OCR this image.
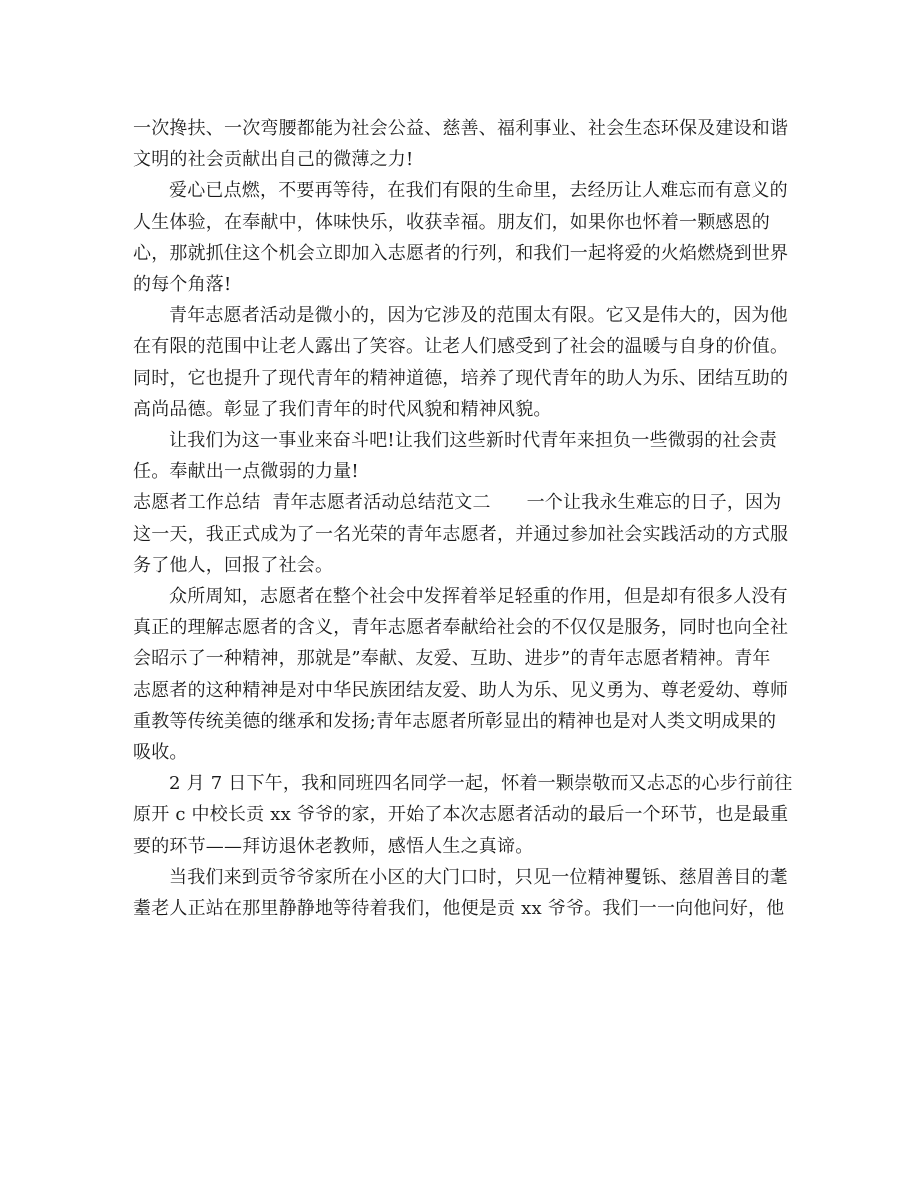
一次搀扶、一次弯腰都能为社会公益、慈善、福利事业、社会生态环保及建设和谐
文明的社会贡献出自己的微薄之力!
爱心已点燃，不要再等待，在我们有限的生命里，去经历让人难忘而有意义的
人生体验，在奉献中，体味快乐，收获幸福。朋友们，如果你也怀着一颗感恩的
心，那就抓住这个机会立即加入志愿者的行列，和我们一起将爱的火焰燃烧到世界
的每个角落!
青年志愿者活动是微小的，因为它涉及的范围太有限。它又是伟大的，因为他
在有限的范围中让老人露出了笑容。让老人们感受到了社会的温暖与自身的价值。
同时，它也提升了现代青年的精神道德，培养了现代青年的助人为乐、团结互助的
高尚品德。彰显了我们青年的时代风貌和精神风貌。
让我们为这一事业来奋斗吧!让我们这些新时代青年来担负一些微弱的社会责
任。奉献出一点微弱的力量!
志愿者工作总结  青年志愿者活动总结范文二 一个让我永生难忘的日子，因为
这一天，我正式成为了一名光荣的青年志愿者，并通过参加社会实践活动的方式服
务了他人，回报了社会。
众所周知，志愿者在整个社会中发挥着举足轻重的作用，但是却有很多人没有
真正的理解志愿者的含义，青年志愿者奉献给社会的不仅仅是服务，同时也向全社
会昭示了一种精神，那就是”奉献、友爱、互助、进步”的青年志愿者精神。青年
志愿者的这种精神是对中华民族团结友爱、助人为乐、见义勇为、尊老爱幼、尊师
重教等传统美德的继承和发扬;青年志愿者所彰显出的精神也是对人类文明成果的
吸收。
2 月 7 日下午，我和同班四名同学一起，怀着一颗崇敬而又忐忑的心步行前往
原开 c 中校长贡 xx 爷爷的家，开始了本次志愿者活动的最后一个环节，也是最重
要的环节——拜访退休老教师，感悟人生之真谛。
当我们来到贡爷爷家所在小区的大门口时，只见一位精神矍铄、慈眉善目的耄
耋老人正站在那里静静地等待着我们，他便是贡 xx 爷爷。我们一一向他问好，他
